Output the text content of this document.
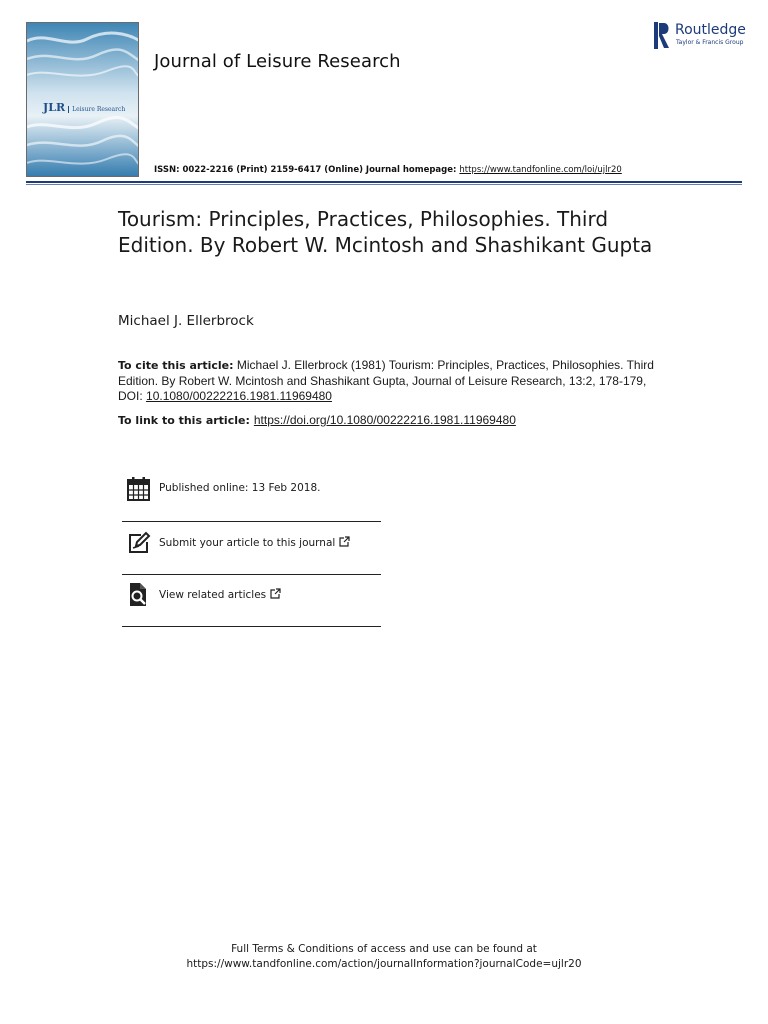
JLR Leisure Research
Journal of Leisure Research
Routledge
Taylor & Francis Group
ISSN: 0022-2216 (Print) 2159-6417 (Online) Journal homepage: https://www.tandfonline.com/loi/ujlr20
Tourism: Principles, Practices, Philosophies. Third Edition. By Robert W. Mcintosh and Shashikant Gupta
Michael J. Ellerbrock
To cite this article: Michael J. Ellerbrock (1981) Tourism: Principles, Practices, Philosophies. Third Edition. By Robert W. Mcintosh and Shashikant Gupta, Journal of Leisure Research, 13:2, 178-179, DOI: 10.1080/00222216.1981.11969480
To link to this article: https://doi.org/10.1080/00222216.1981.11969480
Published online: 13 Feb 2018.
Submit your article to this journal
View related articles
Full Terms & Conditions of access and use can be found at
https://www.tandfonline.com/action/journalInformation?journalCode=ujlr20
